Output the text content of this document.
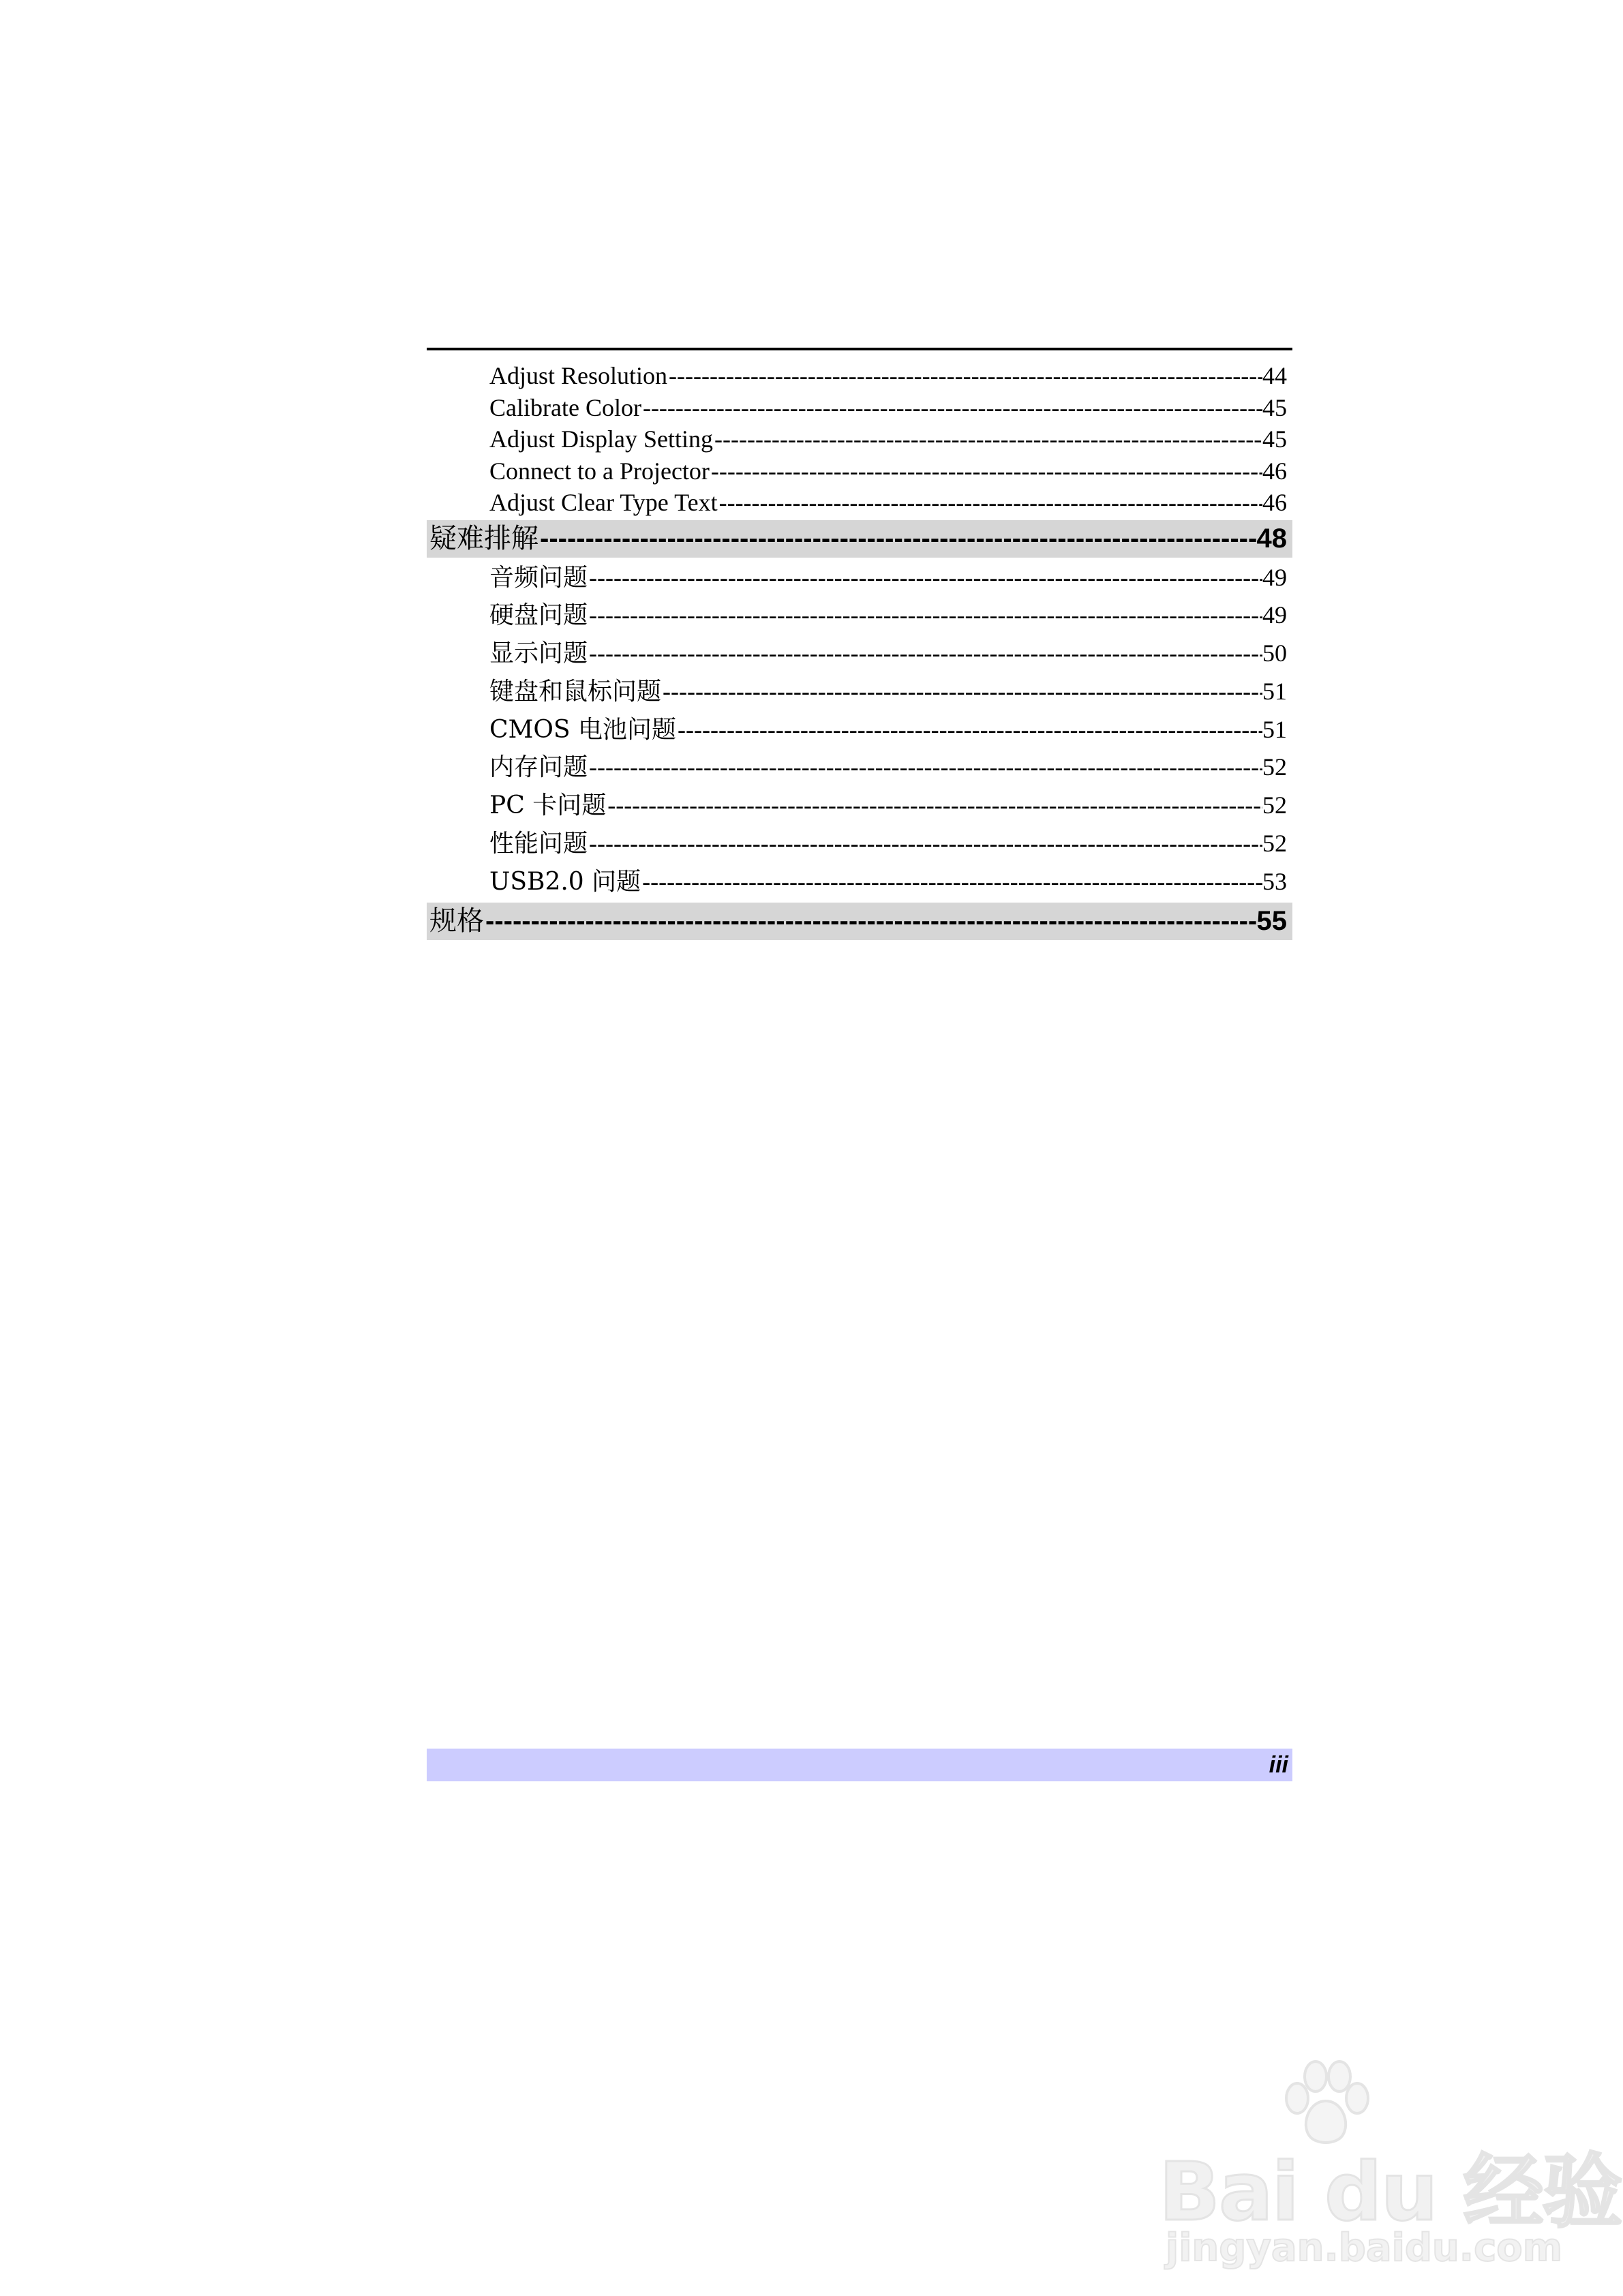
Adjust Resolution -----	44
Calibrate Color -----	45
Adjust Display Setting -----	45
Connect to a Projector -----	46
Adjust Clear Type Text -----	46
疑难排解 -----	48
音频问题 -----	49
硬盘问题 -----	49
显示问题 -----	50
键盘和鼠标问题 -----	51
CMOS 电池问题 -----	51
内存问题 -----	52
PC 卡问题 -----	52
性能问题 -----	52
USB2.0 问题 -----	53
规格 -----	55
iii
Bai du 经验
jingyan.baidu.com
